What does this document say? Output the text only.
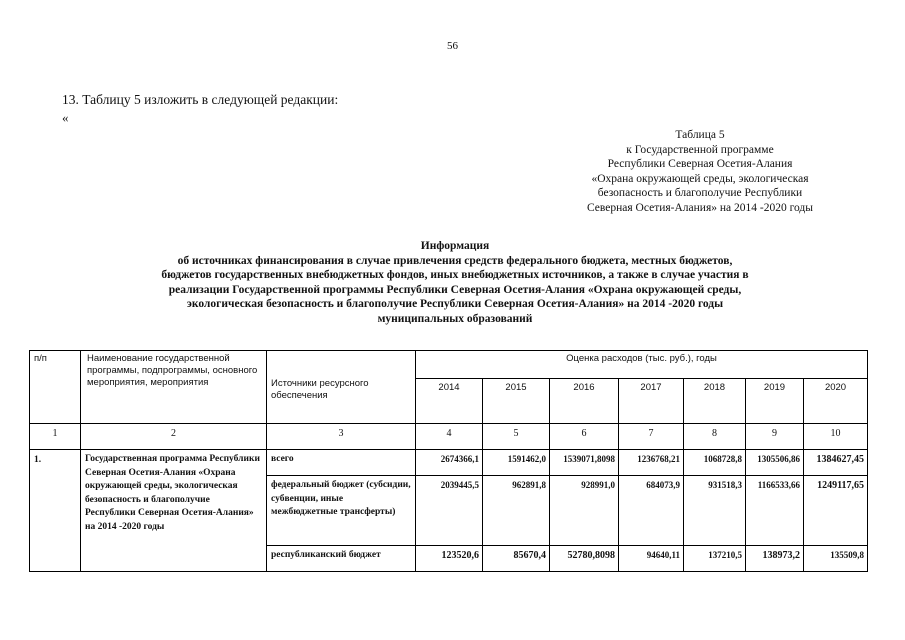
56
13. Таблицу 5 изложить в следующей редакции:
«
Таблица 5
к Государственной программе
Республики Северная Осетия-Алания
«Охрана окружающей среды, экологическая
безопасность и благополучие Республики
Северная Осетия-Алания» на 2014 -2020 годы
Информация
об источниках финансирования в случае привлечения средств федерального бюджета, местных бюджетов,
бюджетов государственных внебюджетных фондов, иных внебюджетных источников, а также в случае участия в
реализации Государственной программы Республики Северная Осетия-Алания «Охрана окружающей среды,
экологическая безопасность и благополучие Республики Северная Осетия-Алания» на 2014 -2020 годы
муниципальных образований
п/п	Наименование государственной программы, подпрограммы, основного мероприятия, мероприятия	Источники ресурсного обеспечения	Оценка расходов (тыс. руб.), годы						
			2014	2015	2016	2017	2018	2019	2020
1	2	3	4	5	6	7	8	9	10
1.	Государственная программа Республики Северная Осетия-Алания «Охрана окружающей среды, экологическая безопасность и благополучие Республики Северная Осетия-Алания» на 2014 -2020 годы	всего	2674366,1	1591462,0	1539071,8098	1236768,21	1068728,8	1305506,86	1384627,45
		федеральный бюджет (субсидии, субвенции, иные межбюджетные трансферты)	2039445,5	962891,8	928991,0	684073,9	931518,3	1166533,66	1249117,65
		республиканский бюджет	123520,6	85670,4	52780,8098	94640,11	137210,5	138973,2	135509,8
